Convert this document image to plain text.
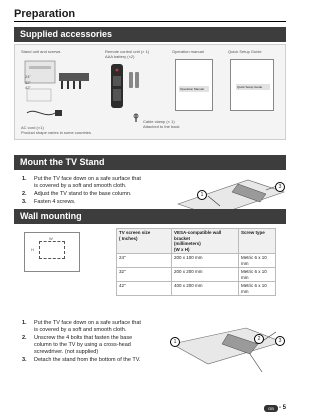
Preparation
Supplied accessories
Stand unit and screws
24"
32"
42"
AC cord (×1)
Product shape varies in some countries
Remote control unit (× 1)
AAA battery (×2)
Cable clamp (× 1)
Attached to the back
Operation manual
Operation Manual
Quick Setup Guide
Quick Setup Guide
Mount the TV Stand
1.	Put the TV face down on a safe surface that is covered by a soft and smooth cloth.
2.	Adjust the TV stand to the base column.
3.	Fasten 4 screws.
1
3
Wall mounting
W
H
TV screen size
( Inches)	VESA-compatible wall bracket
(millimeters)
(W x H)	Screw type
24"	200 x 100 mm	Metric 6 x 10 mm
32"	200 x 200 mm	Metric 6 x 10 mm
42"	400 x 200 mm	Metric 6 x 10 mm
1.	Put the TV face down on a safe surface that is covered by a soft and smooth cloth.
2.	Unscrew the 4 bolts that fasten the base column to the TV by using a cross-head screwdriver. (not supplied)
3.	Detach the stand from the bottom of the TV.
1	2	3
GB - 5
